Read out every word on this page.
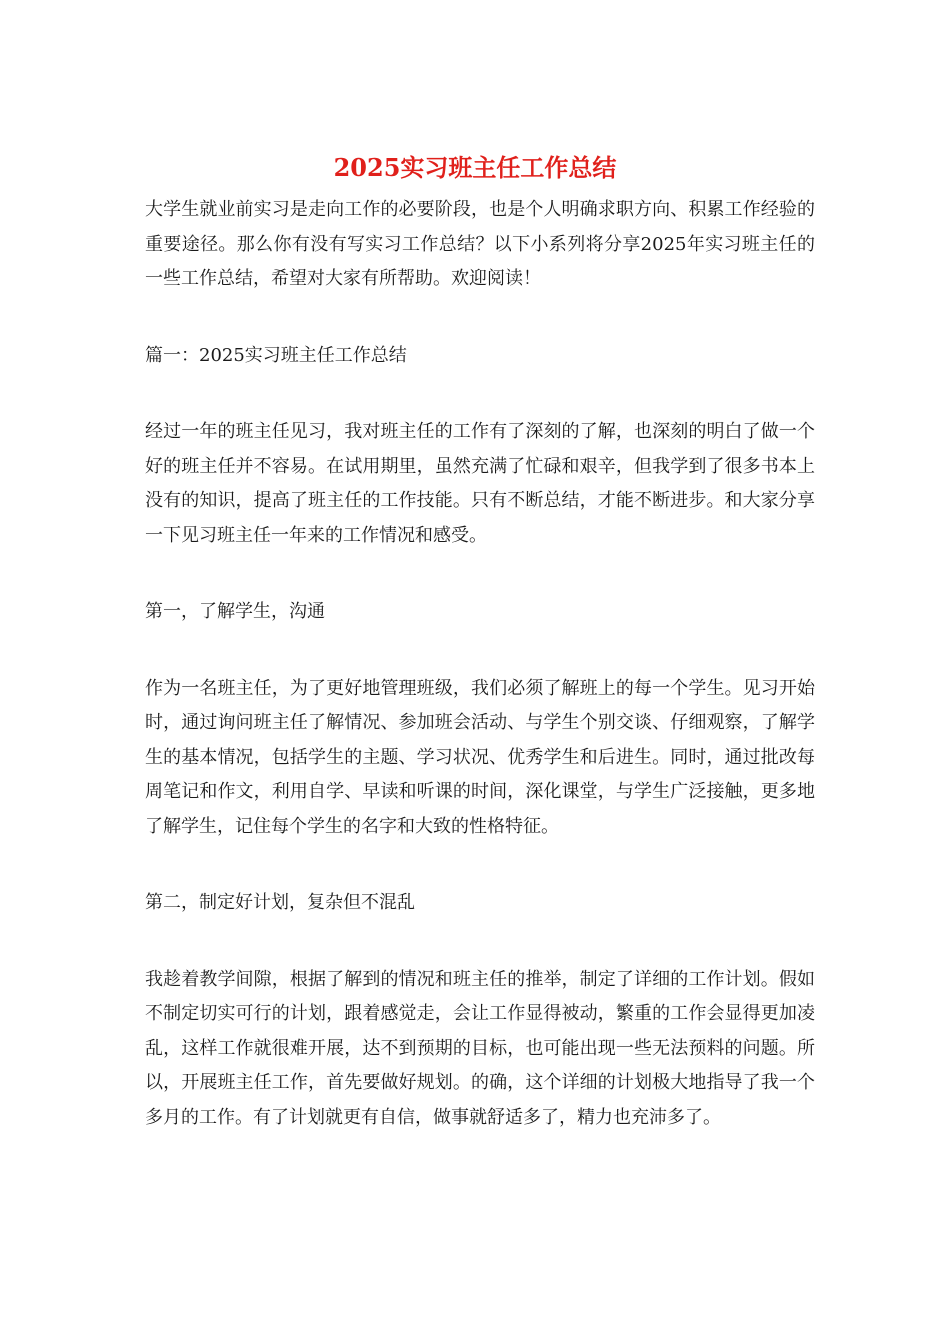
2025实习班主任工作总结

大学生就业前实习是走向工作的必要阶段，也是个人明确求职方向、积累工作经验的重要途径。那么你有没有写实习工作总结？以下小系列将分享2025年实习班主任的一些工作总结，希望对大家有所帮助。欢迎阅读！

篇一：2025实习班主任工作总结

经过一年的班主任见习，我对班主任的工作有了深刻的了解，也深刻的明白了做一个好的班主任并不容易。在试用期里，虽然充满了忙碌和艰辛，但我学到了很多书本上没有的知识，提高了班主任的工作技能。只有不断总结，才能不断进步。和大家分享一下见习班主任一年来的工作情况和感受。

第一，了解学生，沟通

作为一名班主任，为了更好地管理班级，我们必须了解班上的每一个学生。见习开始时，通过询问班主任了解情况、参加班会活动、与学生个别交谈、仔细观察，了解学生的基本情况，包括学生的主题、学习状况、优秀学生和后进生。同时，通过批改每周笔记和作文，利用自学、早读和听课的时间，深化课堂，与学生广泛接触，更多地了解学生，记住每个学生的名字和大致的性格特征。

第二，制定好计划，复杂但不混乱

我趁着教学间隙，根据了解到的情况和班主任的推举，制定了详细的工作计划。假如不制定切实可行的计划，跟着感觉走，会让工作显得被动，繁重的工作会显得更加凌乱，这样工作就很难开展，达不到预期的目标，也可能出现一些无法预料的问题。所以，开展班主任工作，首先要做好规划。的确，这个详细的计划极大地指导了我一个多月的工作。有了计划就更有自信，做事就舒适多了，精力也充沛多了。
